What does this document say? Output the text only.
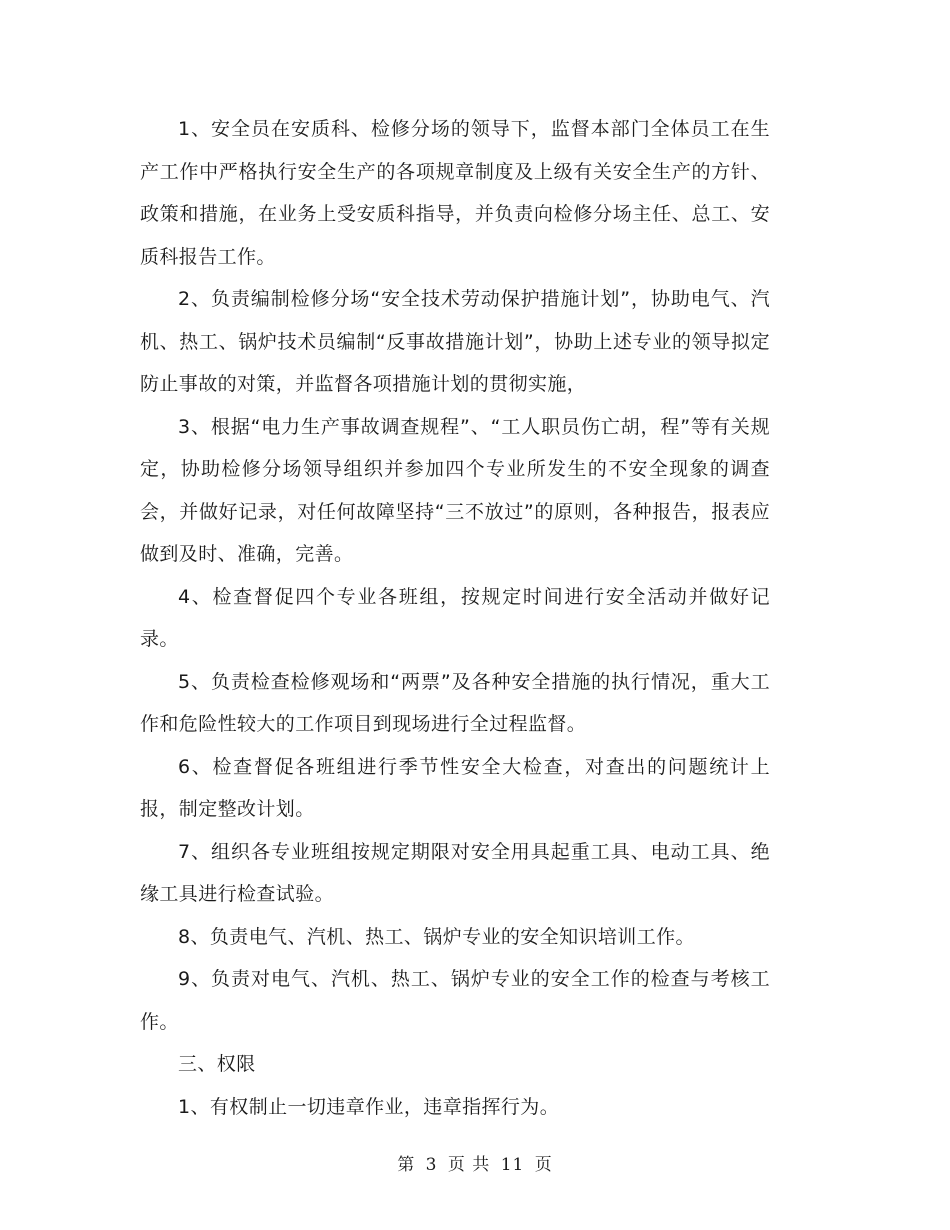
1、安全员在安质科、检修分场的领导下，监督本部门全体员工在生产工作中严格执行安全生产的各项规章制度及上级有关安全生产的方针、政策和措施，在业务上受安质科指导，并负责向检修分场主任、总工、安质科报告工作。

2、负责编制检修分场“安全技术劳动保护措施计划”，协助电气、汽机、热工、锅炉技术员编制“反事故措施计划”，协助上述专业的领导拟定防止事故的对策，并监督各项措施计划的贯彻实施，

3、根据“电力生产事故调查规程”、“工人职员伤亡胡，程”等有关规定，协助检修分场领导组织并参加四个专业所发生的不安全现象的调查会，并做好记录，对任何故障坚持“三不放过”的原则，各种报告，报表应做到及时、准确，完善。

4、检查督促四个专业各班组，按规定时间进行安全活动并做好记录。

5、负责检查检修观场和“两票”及各种安全措施的执行情况，重大工作和危险性较大的工作项目到现场进行全过程监督。

6、检查督促各班组进行季节性安全大检查，对查出的问题统计上报，制定整改计划。

7、组织各专业班组按规定期限对安全用具起重工具、电动工具、绝缘工具进行检查试验。

8、负责电气、汽机、热工、锅炉专业的安全知识培训工作。

9、负责对电气、汽机、热工、锅炉专业的安全工作的检查与考核工作。

三、权限

1、有权制止一切违章作业，违章指挥行为。

第 3 页 共 11 页
